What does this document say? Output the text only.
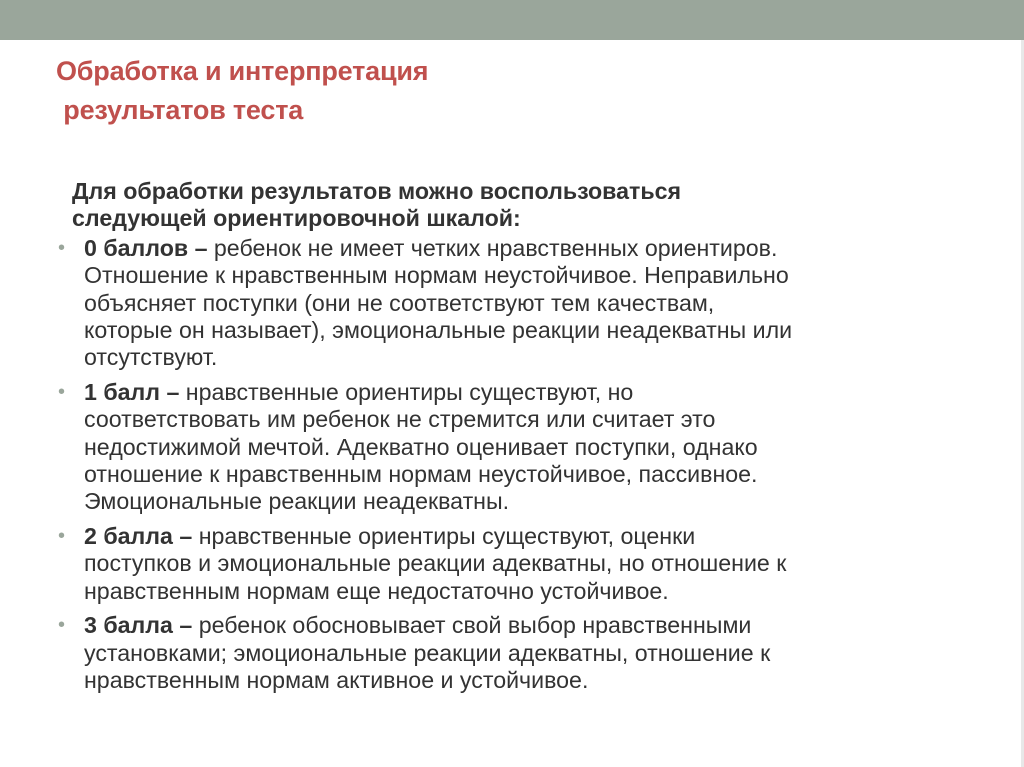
Обработка и интерпретация
результатов теста

Для обработки результатов можно воспользоваться
следующей ориентировочной шкалой:

• 0 баллов – ребенок не имеет четких нравственных ориентиров.
Отношение к нравственным нормам неустойчивое. Неправильно
объясняет поступки (они не соответствуют тем качествам,
которые он называет), эмоциональные реакции неадекватны или
отсутствуют.
• 1 балл – нравственные ориентиры существуют, но
соответствовать им ребенок не стремится или считает это
недостижимой мечтой. Адекватно оценивает поступки, однако
отношение к нравственным нормам неустойчивое, пассивное.
Эмоциональные реакции неадекватны.
• 2 балла – нравственные ориентиры существуют, оценки
поступков и эмоциональные реакции адекватны, но отношение к
нравственным нормам еще недостаточно устойчивое.
• 3 балла – ребенок обосновывает свой выбор нравственными
установками; эмоциональные реакции адекватны, отношение к
нравственным нормам активное и устойчивое.
